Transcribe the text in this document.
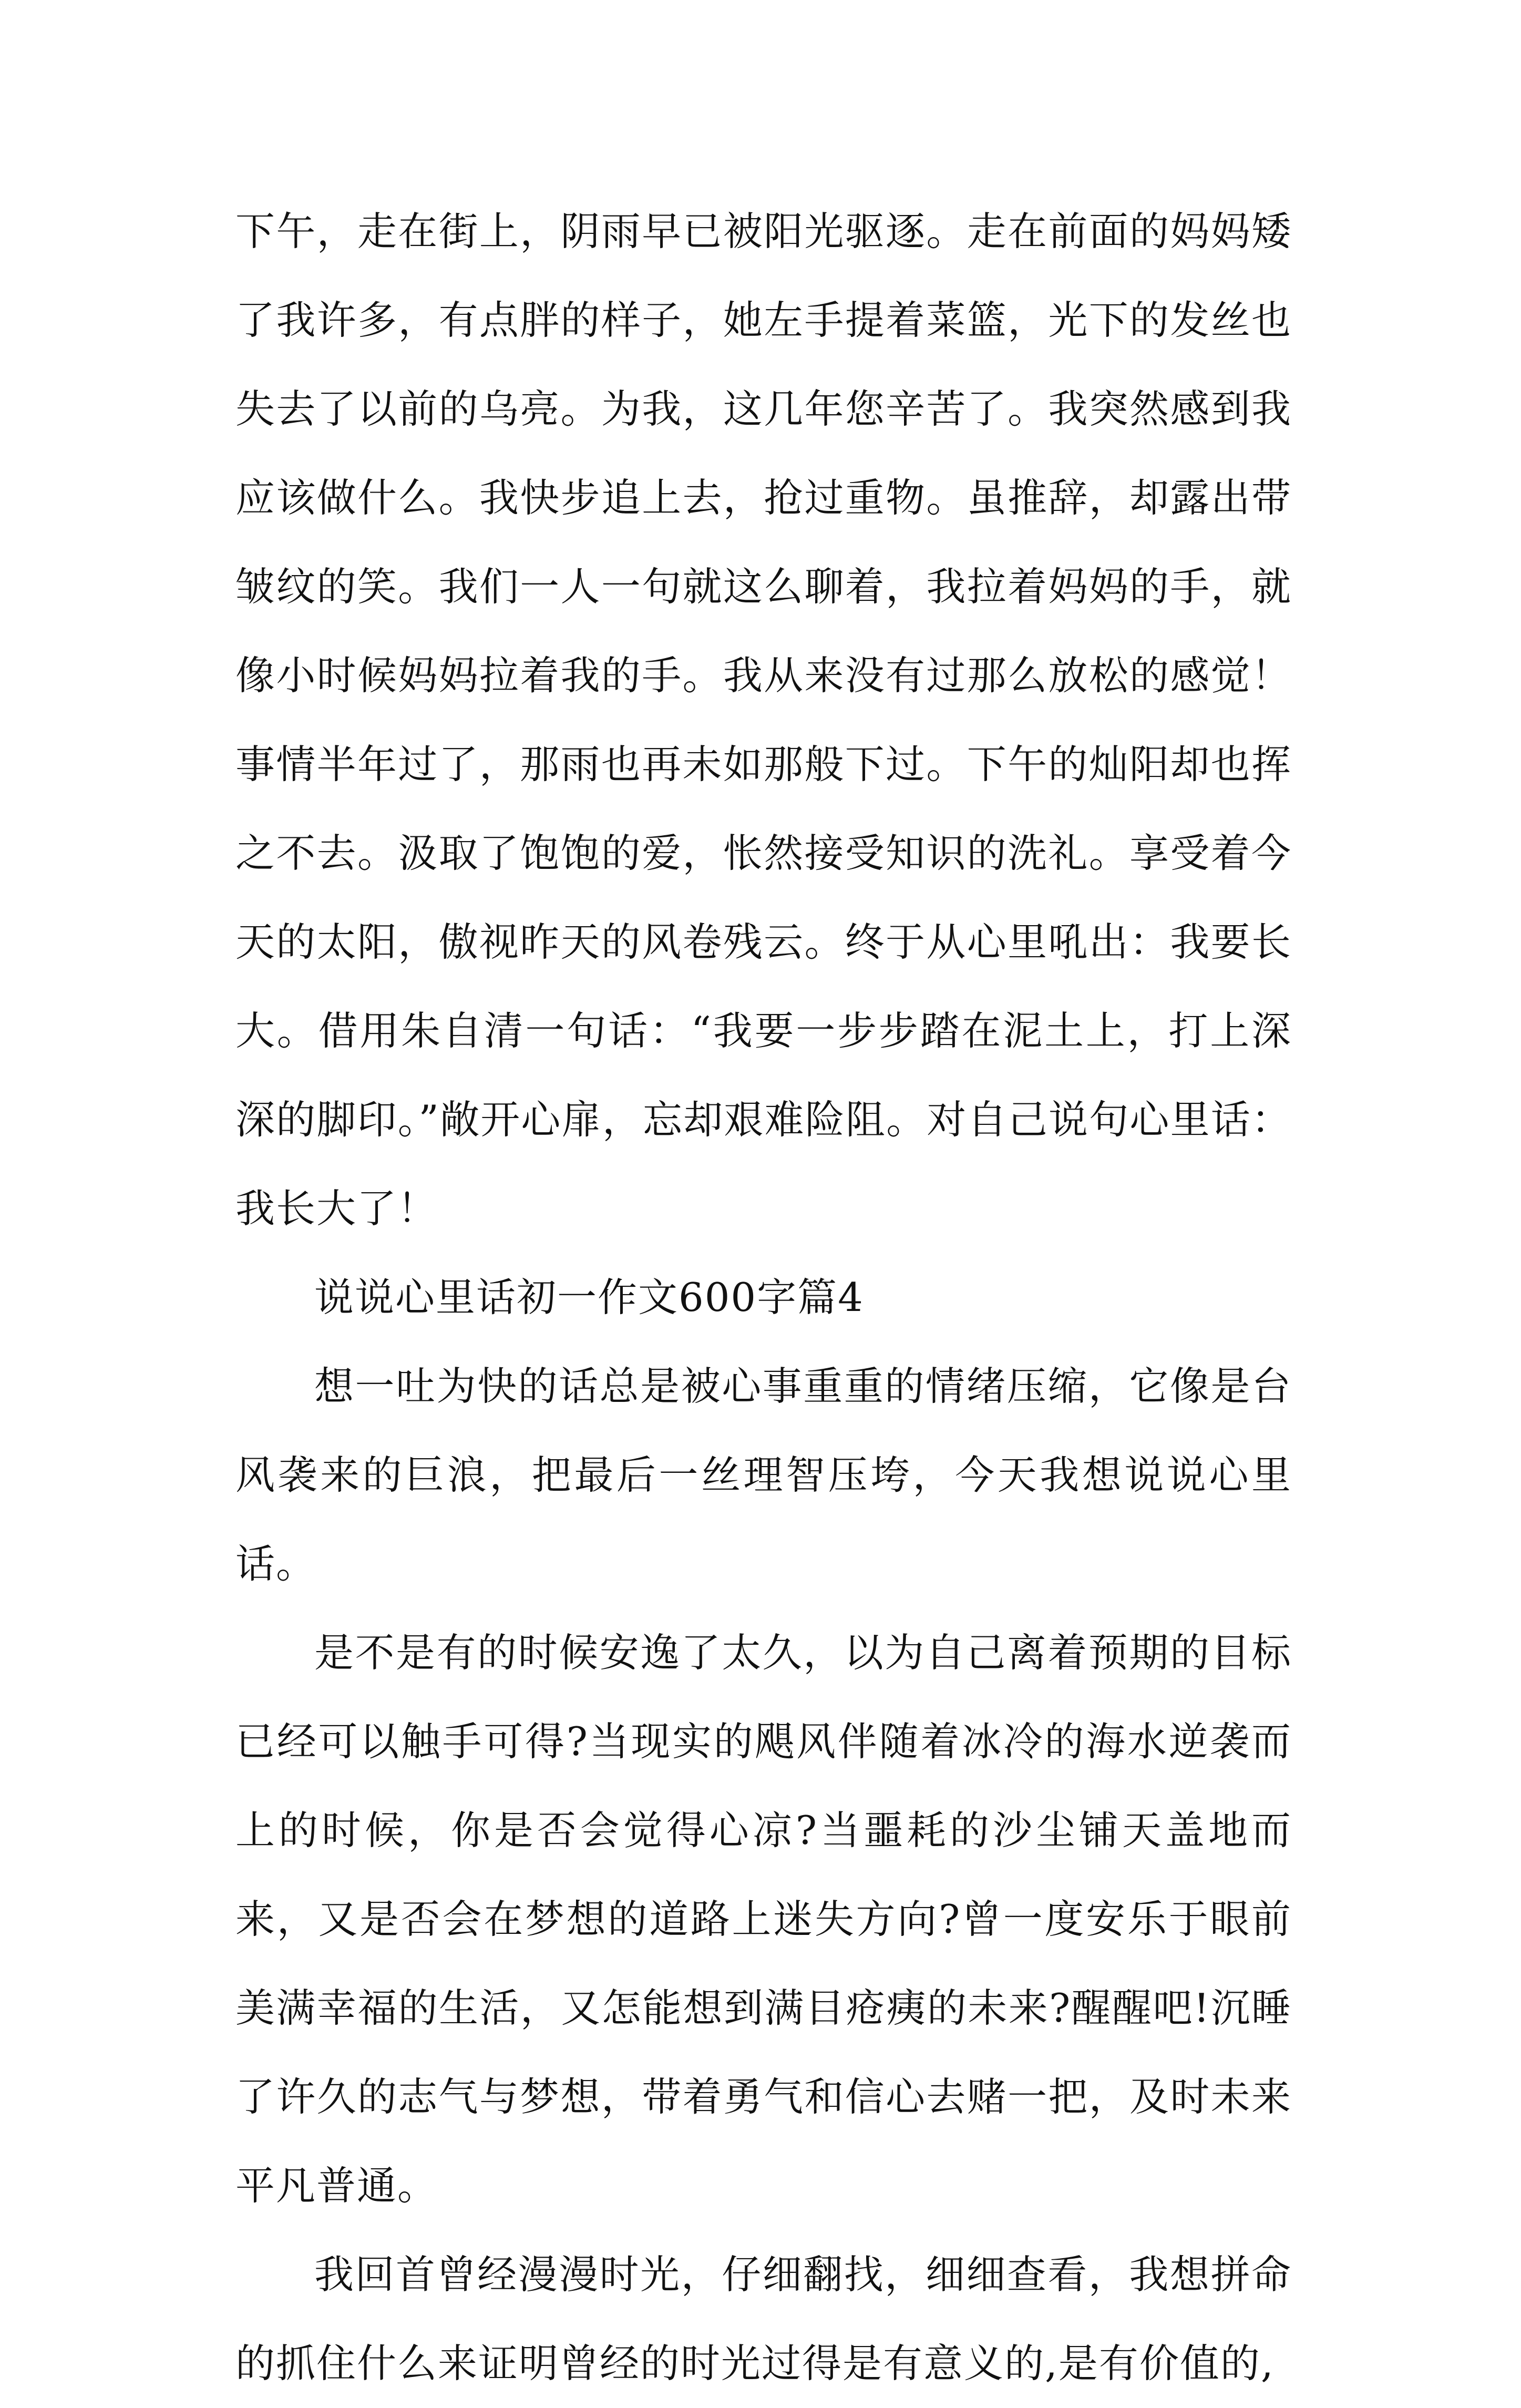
下午，走在街上，阴雨早已被阳光驱逐。走在前面的妈妈矮了我许多，有点胖的样子，她左手提着菜篮，光下的发丝也失去了以前的乌亮。为我，这几年您辛苦了。我突然感到我应该做什么。我快步追上去，抢过重物。虽推辞，却露出带皱纹的笑。我们一人一句就这么聊着，我拉着妈妈的手，就像小时候妈妈拉着我的手。我从来没有过那么放松的感觉！事情半年过了，那雨也再未如那般下过。下午的灿阳却也挥之不去。汲取了饱饱的爱，怅然接受知识的洗礼。享受着今天的太阳，傲视昨天的风卷残云。终于从心里吼出：我要长大。借用朱自清一句话：“我要一步步踏在泥土上，打上深深的脚印。”敞开心扉，忘却艰难险阻。对自己说句心里话：我长大了！

说说心里话初一作文600字篇4

想一吐为快的话总是被心事重重的情绪压缩，它像是台风袭来的巨浪，把最后一丝理智压垮，今天我想说说心里话。

是不是有的时候安逸了太久，以为自己离着预期的目标已经可以触手可得?当现实的飓风伴随着冰冷的海水逆袭而上的时候，你是否会觉得心凉?当噩耗的沙尘铺天盖地而来，又是否会在梦想的道路上迷失方向?曾一度安乐于眼前美满幸福的生活，又怎能想到满目疮痍的未来?醒醒吧!沉睡了许久的志气与梦想，带着勇气和信心去赌一把，及时未来平凡普通。

我回首曾经漫漫时光，仔细翻找，细细查看，我想拼命的抓住什么来证明曾经的时光过得是有意义的,是有价值的,
